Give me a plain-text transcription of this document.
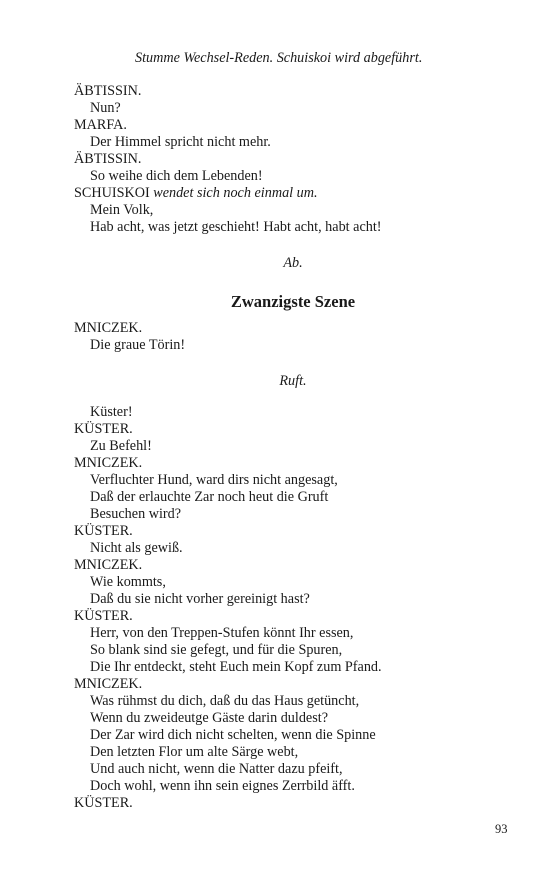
Stumme Wechsel-Reden. Schuiskoi wird abgeführt.
ÄBTISSIN.
Nun?
MARFA.
Der Himmel spricht nicht mehr.
ÄBTISSIN.
So weihe dich dem Lebenden!
SCHUISKOI wendet sich noch einmal um.
Mein Volk,
Hab acht, was jetzt geschieht! Habt acht, habt acht!
Ab.
Zwanzigste Szene
MNICZEK.
Die graue Törin!
Ruft.
Küster!
KÜSTER.
Zu Befehl!
MNICZEK.
Verfluchter Hund, ward dirs nicht angesagt,
Daß der erlauchte Zar noch heut die Gruft
Besuchen wird?
KÜSTER.
Nicht als gewiß.
MNICZEK.
Wie kommts,
Daß du sie nicht vorher gereinigt hast?
KÜSTER.
Herr, von den Treppen-Stufen könnt Ihr essen,
So blank sind sie gefegt, und für die Spuren,
Die Ihr entdeckt, steht Euch mein Kopf zum Pfand.
MNICZEK.
Was rühmst du dich, daß du das Haus getüncht,
Wenn du zweideutge Gäste darin duldest?
Der Zar wird dich nicht schelten, wenn die Spinne
Den letzten Flor um alte Särge webt,
Und auch nicht, wenn die Natter dazu pfeift,
Doch wohl, wenn ihn sein eignes Zerrbild äfft.
KÜSTER.
93
